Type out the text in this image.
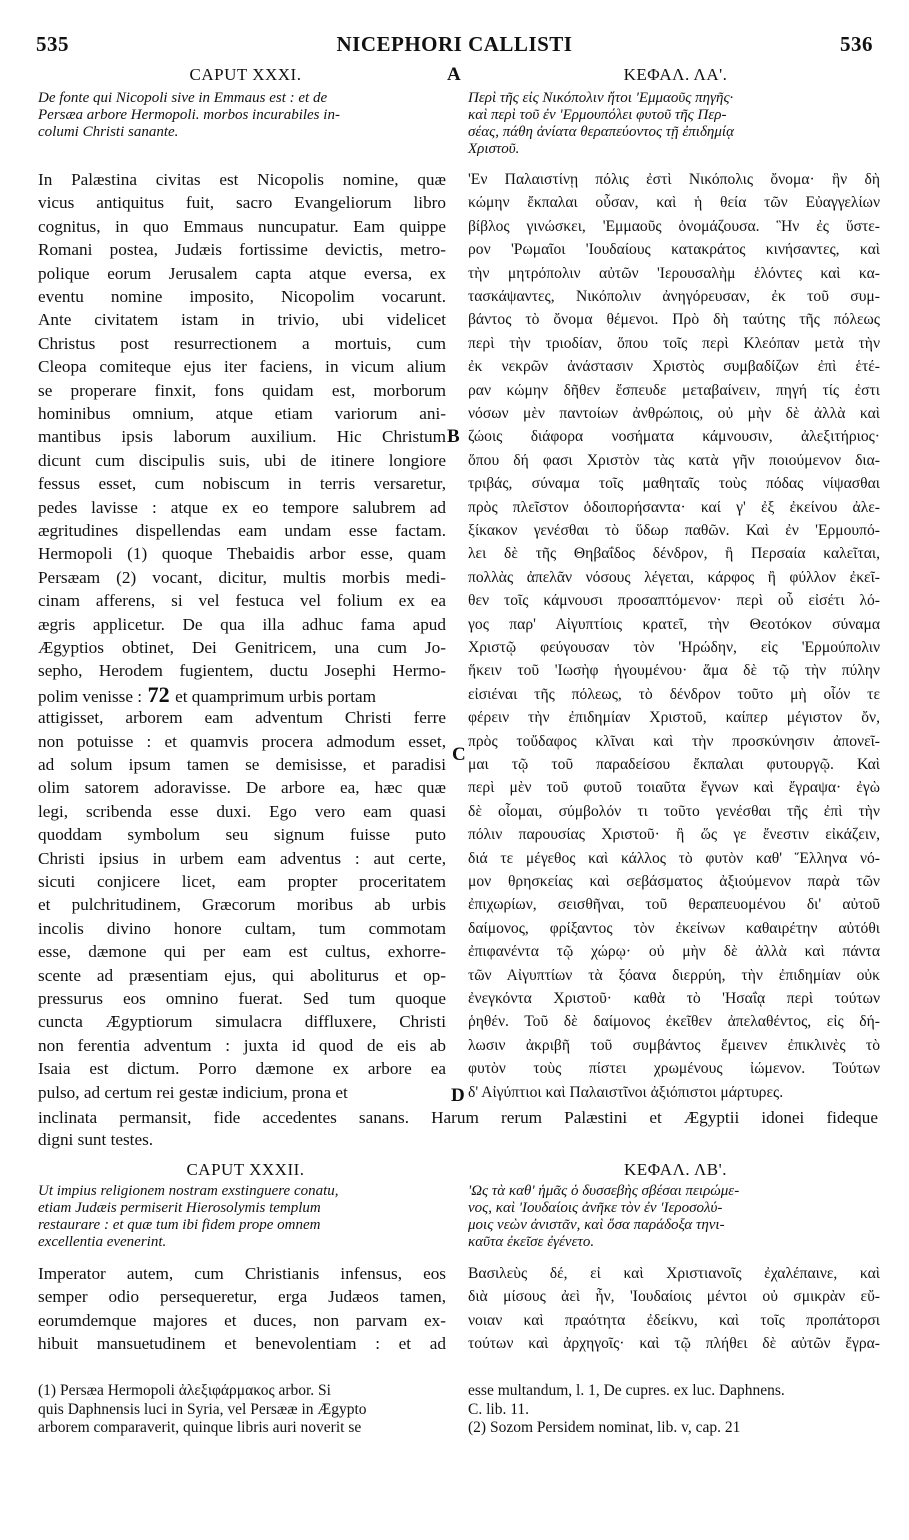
535	NICEPHORI CALLISTI	536
CAPUT XXXI.	A	ΚΕΦΑΛ. ΛΑ'.
De fonte qui Nicopoli sive in Emmaus est : et de
Persæa arbore Hermopoli. morbos incurabiles in-
columi Christi sanante.
Περὶ τῆς εἰς Νικόπολιν ἤτοι 'Εμμαοῦς πηγῆς·
καὶ περὶ τοῦ ἐν 'Ερμουπόλει φυτοῦ τῆς Περ-
σέας, πάθη ἀνίατα θεραπεύοντος τῇ ἐπιδημίᾳ
Χριστοῦ.
In Palæstina civitas est Nicopolis nomine, quæ
vicus antiquitus fuit, sacro Evangeliorum libro
cognitus, in quo Emmaus nuncupatur. Eam quippe
Romani postea, Judæis fortissime devictis, metro-
polique eorum Jerusalem capta atque eversa, ex
eventu nomine imposito, Nicopolim vocarunt.
Ante civitatem istam in trivio, ubi videlicet
Christus post resurrectionem a mortuis, cum
Cleopa comiteque ejus iter faciens, in vicum alium
se properare finxit, fons quidam est, morborum
hominibus omnium, atque etiam variorum ani-
mantibus ipsis laborum auxilium. Hic Christum
dicunt cum discipulis suis, ubi de itinere longiore
fessus esset, cum nobiscum in terris versaretur,
pedes lavisse : atque ex eo tempore salubrem ad
ægritudines dispellendas eam undam esse factam.
Hermopoli (1) quoque Thebaidis arbor esse, quam
Persæam (2) vocant, dicitur, multis morbis medi-
cinam afferens, si vel festuca vel folium ex ea
ægris applicetur. De qua illa adhuc fama apud
Ægyptios obtinet, Dei Genitricem, una cum Jo-
sepho, Herodem fugientem, ductu Josephi Hermo-
polim venisse : 72 et quamprimum urbis portam
attigisset, arborem eam adventum Christi ferre
non potuisse : et quamvis procera admodum esset,
ad solum ipsum tamen se demisisse, et paradisi
olim satorem adoravisse. De arbore ea, hæc quæ
legi, scribenda esse duxi. Ego vero eam quasi
quoddam symbolum seu signum fuisse puto
Christi ipsius in urbem eam adventus : aut certe,
sicuti conjicere licet, eam propter proceritatem
et pulchritudinem, Græcorum moribus ab urbis
incolis divino honore cultam, tum commotam
esse, dæmone qui per eam est cultus, exhorre-
scente ad præsentiam ejus, qui aboliturus et op-
pressurus eos omnino fuerat. Sed tum quoque
cuncta Ægyptiorum simulacra diffluxere, Christi
non ferentia adventum : juxta id quod de eis ab
Isaia est dictum. Porro dæmone ex arbore ea
pulso, ad certum rei gestæ indicium, prona et
'Εν Παλαιστίνῃ πόλις ἐστὶ Νικόπολις ὄνομα· ἣν δὴ
κώμην ἔκπαλαι οὖσαν, καὶ ἡ θεία τῶν Εὐαγγελίων
βίβλος γινώσκει, 'Εμμαοῦς ὀνομάζουσα. Ἣν ἐς ὕστε-
ρον 'Ρωμαῖοι 'Ιουδαίους κατακράτος κινήσαντες, καὶ
τὴν μητρόπολιν αὐτῶν 'Ιερουσαλὴμ ἑλόντες καὶ κα-
τασκάψαντες, Νικόπολιν ἀνηγόρευσαν, ἐκ τοῦ συμ-
βάντος τὸ ὄνομα θέμενοι. Πρὸ δὴ ταύτης τῆς πόλεως
περὶ τὴν τριοδίαν, ὅπου τοῖς περὶ Κλεόπαν μετὰ τὴν
ἐκ νεκρῶν ἀνάστασιν Χριστὸς συμβαδίζων ἐπὶ ἑτέ-
ραν κώμην δῆθεν ἔσπευδε μεταβαίνειν, πηγή τίς ἐστι
νόσων μὲν παντοίων ἀνθρώποις, οὐ μὴν δὲ ἀλλὰ καὶ
ζώοις διάφορα νοσήματα κάμνουσιν, ἀλεξιτήριος·
ὅπου δή φασι Χριστὸν τὰς κατὰ γῆν ποιούμενον δια-
τριβάς, σύναμα τοῖς μαθηταῖς τοὺς πόδας νίψασθαι
πρὸς πλεῖστον ὁδοιπορήσαντα· καί γ' ἐξ ἐκείνου ἀλε-
ξίκακον γενέσθαι τὸ ὕδωρ παθῶν. Καὶ ἐν 'Ερμουπό-
λει δὲ τῆς Θηβαΐδος δένδρον, ἣ Περσαία καλεῖται,
πολλὰς ἀπελᾶν νόσους λέγεται, κάρφος ἢ φύλλον ἐκεῖ-
θεν τοῖς κάμνουσι προσαπτόμενον· περὶ οὗ εἰσέτι λό-
γος παρ' Αἰγυπτίοις κρατεῖ, τὴν Θεοτόκον σύναμα
Χριστῷ φεύγουσαν τὸν 'Ηρώδην, εἰς 'Ερμούπολιν
ἥκειν τοῦ 'Ιωσὴφ ἡγουμένου· ἅμα δὲ τῷ τὴν πύλην
εἰσιέναι τῆς πόλεως, τὸ δένδρον τοῦτο μὴ οἷόν τε
φέρειν τὴν ἐπιδημίαν Χριστοῦ, καίπερ μέγιστον ὄν,
πρὸς τοὔδαφος κλῖναι καὶ τὴν προσκύνησιν ἀπονεῖ-
μαι τῷ τοῦ παραδείσου ἔκπαλαι φυτουργῷ. Καὶ
περὶ μὲν τοῦ φυτοῦ τοιαῦτα ἔγνων καὶ ἔγραψα· ἐγὼ
δὲ οἶομαι, σύμβολόν τι τοῦτο γενέσθαι τῆς ἐπὶ τὴν
πόλιν παρουσίας Χριστοῦ· ἢ ὥς γε ἔνεστιν εἰκάζειν,
διά τε μέγεθος καὶ κάλλος τὸ φυτὸν καθ' Ἕλληνα νό-
μον θρησκείας καὶ σεβάσματος ἀξιούμενον παρὰ τῶν
ἐπιχωρίων, σεισθῆναι, τοῦ θεραπευομένου δι' αὐτοῦ
δαίμονος, φρίξαντος τὸν ἐκείνων καθαιρέτην αὐτόθι
ἐπιφανέντα τῷ χώρῳ· οὐ μὴν δὲ ἀλλὰ καὶ πάντα
τῶν Αἰγυπτίων τὰ ξόανα διερρύη, τὴν ἐπιδημίαν οὐκ
ἐνεγκόντα Χριστοῦ· καθὰ τὸ 'Ησαΐᾳ περὶ τούτων
ῥηθέν. Τοῦ δὲ δαίμονος ἐκεῖθεν ἀπελαθέντος, εἰς δή-
λωσιν ἀκριβῆ τοῦ συμβάντος ἔμεινεν ἐπικλινὲς τὸ
φυτὸν τοὺς πίστει χρωμένους ἰώμενον. Τούτων
δ' Αἰγύπτιοι καὶ Παλαιστῖνοι ἀξιόπιστοι μάρτυρες.
B
C
D
inclinata permansit, fide accedentes sanans. Harum rerum Palæstini et Ægyptii idonei fideque
digni sunt testes.
CAPUT XXXII.	ΚΕΦΑΛ. ΛΒ'.
Ut impius religionem nostram exstinguere conatu,
etiam Judæis permiserit Hierosolymis templum
restaurare : et quæ tum ibi fidem prope omnem
excellentia evenerint.
'Ως τὰ καθ' ἡμᾶς ὁ δυσσεβὴς σβέσαι πειρώμε-
νος, καὶ 'Ιουδαίοις ἀνῆκε τὸν ἐν 'Ιεροσολύ-
μοις νεὼν ἀνιστᾶν, καὶ ὅσα παράδοξα τηνι-
καῦτα ἐκεῖσε ἐγένετο.
Imperator autem, cum Christianis infensus, eos
semper odio persequeretur, erga Judæos tamen,
eorumdemque majores et duces, non parvam ex-
hibuit mansuetudinem et benevolentiam : et ad
Βασιλεὺς δέ, εἰ καὶ Χριστιανοῖς ἐχαλέπαινε, καὶ
διὰ μίσους ἀεὶ ἦν, 'Ιουδαίοις μέντοι οὐ σμικρὰν εὔ-
νοιαν καὶ πραότητα ἐδείκνυ, καὶ τοῖς προπάτορσι
τούτων καὶ ἀρχηγοῖς· καὶ τῷ πλήθει δὲ αὐτῶν ἔγρα-
(1) Persæa Hermopoli ἀλεξιφάρμακος arbor. Si
quis Daphnensis luci in Syria, vel Persææ in Ægypto
arborem comparaverit, quinque libris auri noverit se
esse multandum, l. 1, De cupres. ex luc. Daphnens.
C. lib. 11.
(2) Sozom Persidem nominat, lib. v, cap. 21
